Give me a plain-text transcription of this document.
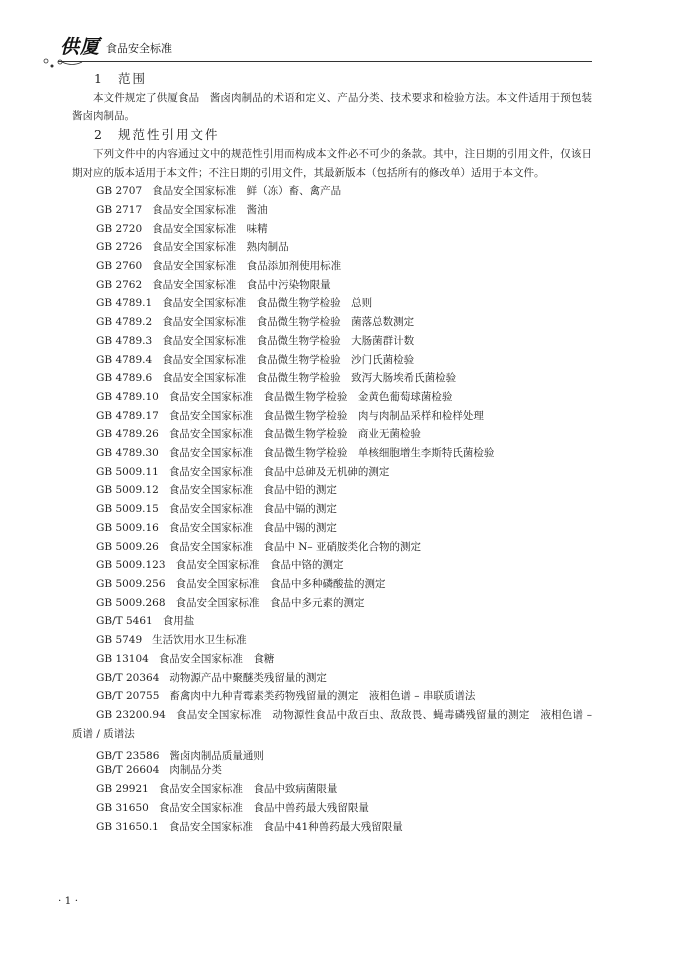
供厦 食品安全标准
1 范围
本文件规定了供厦食品　酱卤肉制品的术语和定义、产品分类、技术要求和检验方法。本文件适用于预包装酱卤肉制品。
2 规范性引用文件
下列文件中的内容通过文中的规范性引用而构成本文件必不可少的条款。其中，注日期的引用文件，仅该日期对应的版本适用于本文件；不注日期的引用文件，其最新版本（包括所有的修改单）适用于本文件。
GB 2707 食品安全国家标准　鲜（冻）畜、禽产品
GB 2717 食品安全国家标准　酱油
GB 2720 食品安全国家标准　味精
GB 2726 食品安全国家标准　熟肉制品
GB 2760 食品安全国家标准　食品添加剂使用标准
GB 2762 食品安全国家标准　食品中污染物限量
GB 4789.1 食品安全国家标准　食品微生物学检验　总则
GB 4789.2 食品安全国家标准　食品微生物学检验　菌落总数测定
GB 4789.3 食品安全国家标准　食品微生物学检验　大肠菌群计数
GB 4789.4 食品安全国家标准　食品微生物学检验　沙门氏菌检验
GB 4789.6 食品安全国家标准　食品微生物学检验　致泻大肠埃希氏菌检验
GB 4789.10 食品安全国家标准　食品微生物学检验　金黄色葡萄球菌检验
GB 4789.17 食品安全国家标准　食品微生物学检验　肉与肉制品采样和检样处理
GB 4789.26 食品安全国家标准　食品微生物学检验　商业无菌检验
GB 4789.30 食品安全国家标准　食品微生物学检验　单核细胞增生李斯特氏菌检验
GB 5009.11 食品安全国家标准　食品中总砷及无机砷的测定
GB 5009.12 食品安全国家标准　食品中铅的测定
GB 5009.15 食品安全国家标准　食品中镉的测定
GB 5009.16 食品安全国家标准　食品中锡的测定
GB 5009.26 食品安全国家标准　食品中 N– 亚硝胺类化合物的测定
GB 5009.123 食品安全国家标准　食品中铬的测定
GB 5009.256 食品安全国家标准　食品中多种磷酸盐的测定
GB 5009.268 食品安全国家标准　食品中多元素的测定
GB/T 5461 食用盐
GB 5749 生活饮用水卫生标准
GB 13104 食品安全国家标准　食糖
GB/T 20364 动物源产品中聚醚类残留量的测定
GB/T 20755 畜禽肉中九种青霉素类药物残留量的测定　液相色谱 – 串联质谱法
GB 23200.94 食品安全国家标准　动物源性食品中敌百虫、敌敌畏、蝇毒磷残留量的测定　液相色谱 – 质谱 / 质谱法
GB/T 23586 酱卤肉制品质量通则
GB/T 26604 肉制品分类
GB 29921 食品安全国家标准　食品中致病菌限量
GB 31650 食品安全国家标准　食品中兽药最大残留限量
GB 31650.1 食品安全国家标准　食品中41种兽药最大残留限量
· 1 ·
